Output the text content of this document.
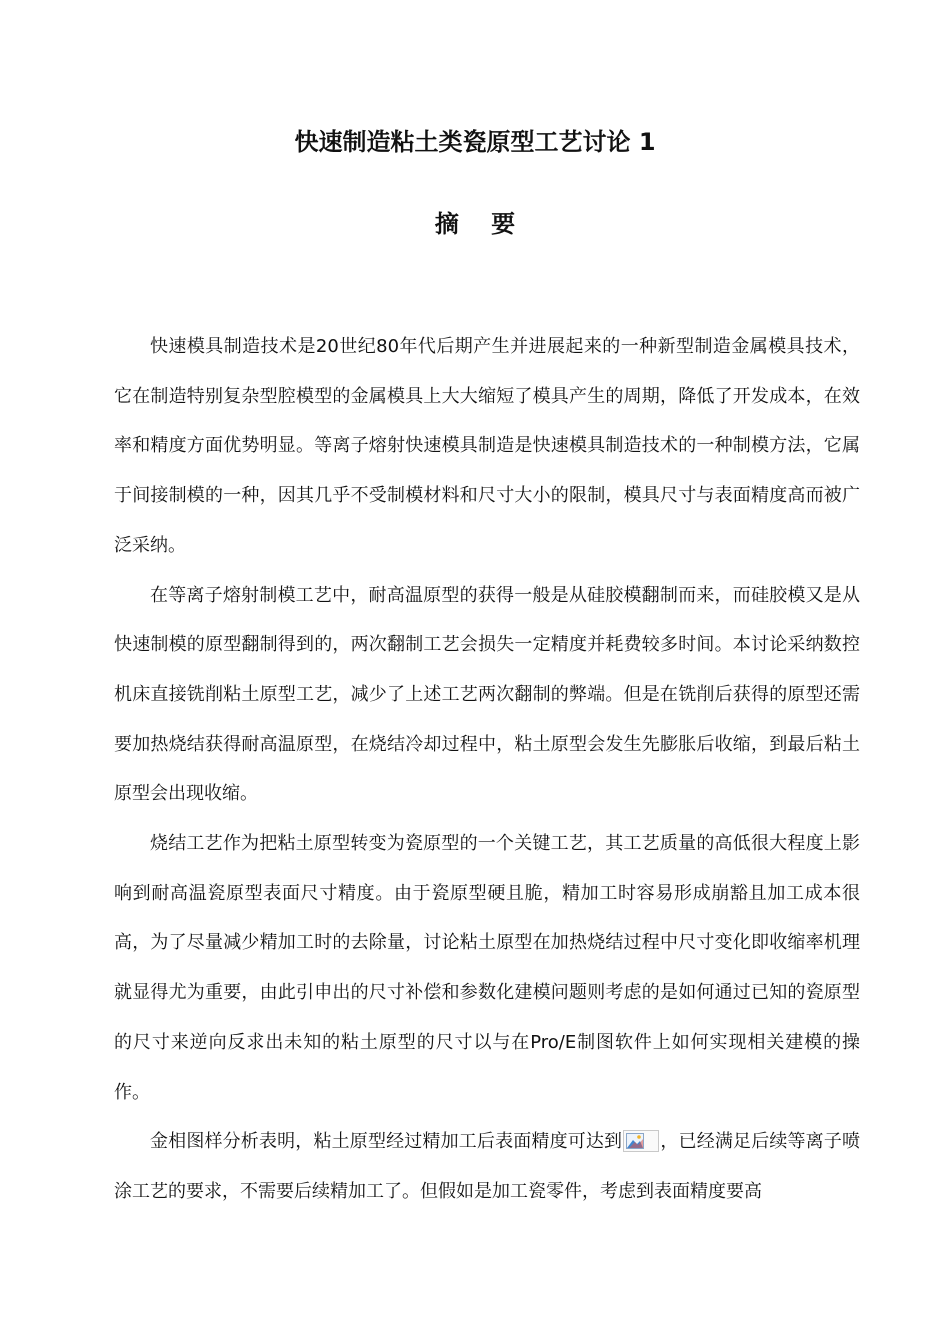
快速制造粘土类瓷原型工艺讨论 1
摘 要

快速模具制造技术是20世纪80年代后期产生并进展起来的一种新型制造金属模具技术，它在制造特别复杂型腔模型的金属模具上大大缩短了模具产生的周期，降低了开发成本，在效率和精度方面优势明显。等离子熔射快速模具制造是快速模具制造技术的一种制模方法，它属于间接制模的一种，因其几乎不受制模材料和尺寸大小的限制，模具尺寸与表面精度高而被广泛采纳。

在等离子熔射制模工艺中，耐高温原型的获得一般是从硅胶模翻制而来，而硅胶模又是从快速制模的原型翻制得到的，两次翻制工艺会损失一定精度并耗费较多时间。本讨论采纳数控机床直接铣削粘土原型工艺，减少了上述工艺两次翻制的弊端。但是在铣削后获得的原型还需要加热烧结获得耐高温原型，在烧结冷却过程中，粘土原型会发生先膨胀后收缩，到最后粘土原型会出现收缩。

烧结工艺作为把粘土原型转变为瓷原型的一个关键工艺，其工艺质量的高低很大程度上影响到耐高温瓷原型表面尺寸精度。由于瓷原型硬且脆，精加工时容易形成崩豁且加工成本很高，为了尽量减少精加工时的去除量，讨论粘土原型在加热烧结过程中尺寸变化即收缩率机理就显得尤为重要，由此引申出的尺寸补偿和参数化建模问题则考虑的是如何通过已知的瓷原型的尺寸来逆向反求出未知的粘土原型的尺寸以与在Pro/E制图软件上如何实现相关建模的操作。

金相图样分析表明，粘土原型经过精加工后表面精度可达到 ，已经满足后续等离子喷涂工艺的要求，不需要后续精加工了。但假如是加工瓷零件，考虑到表面精度要高
